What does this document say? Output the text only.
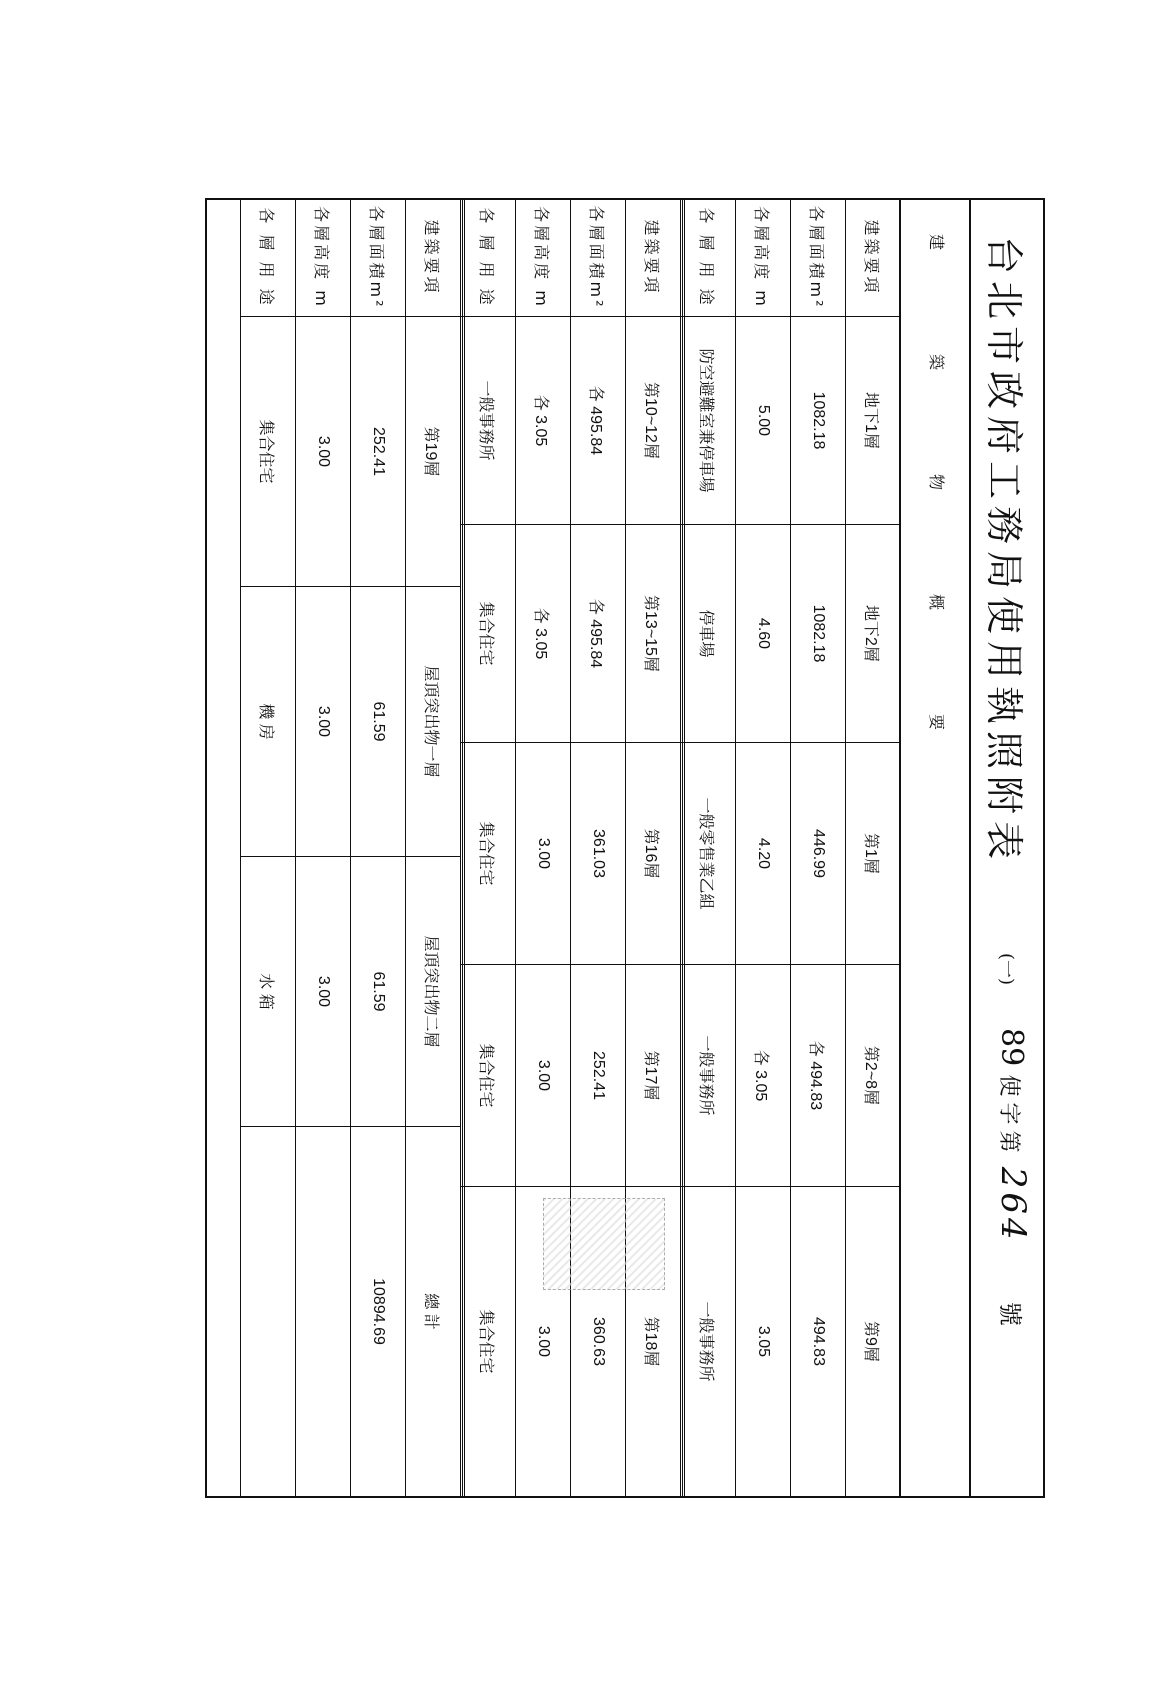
台北市政府工務局使用執照附表
(一)
89 使字第 264 號
建
築
物
概
要
建築要項	地下1層	地下2層	第1層	第2~8層	第9層
各層面積m²	1082.18	1082.18	446.99	各 494.83	494.83
各層高度 m	5.00	4.60	4.20	各 3.05	3.05
各 層 用 途	防空避難室兼停車場	停車場	一般零售業乙組	一般事務所	一般事務所
建築要項	第10~12層	第13~15層	第16層	第17層	第18層
各層面積m²	各 495.84	各 495.84	361.03	252.41	360.63
各層高度 m	各 3.05	各 3.05	3.00	3.00	3.00
各 層 用 途	一般事務所	集合住宅	集合住宅	集合住宅	集合住宅
建築要項	第19層	屋頂突出物一層	屋頂突出物二層	總 計
各層面積m²	252.41	61.59	61.59	10894.69
各層高度 m	3.00	3.00	3.00	
各 層 用 途	集合住宅	機 房	水 箱	
